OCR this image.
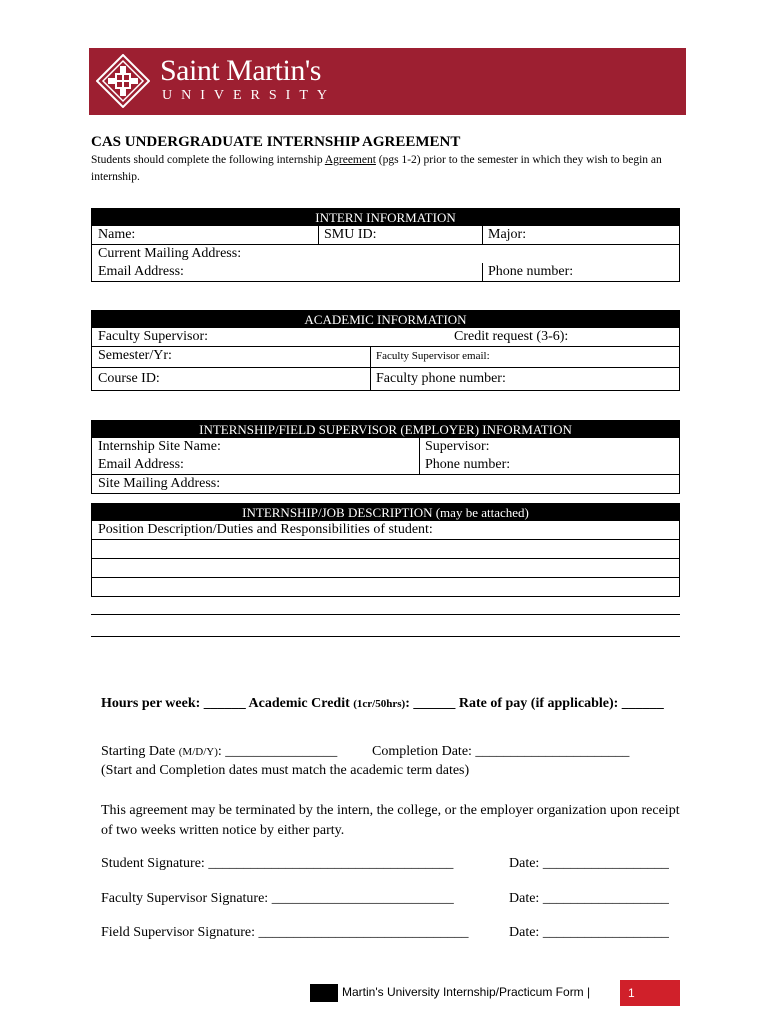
Saint Martin's
UNIVERSITY
CAS UNDERGRADUATE INTERNSHIP AGREEMENT
Students should complete the following internship Agreement (pgs 1-2) prior to the semester in which they wish to begin an internship.
INTERN INFORMATION
Name:	SMU ID:	Major:
Current Mailing Address:
Email Address:	Phone number:
ACADEMIC INFORMATION
Faculty Supervisor:	Credit request (3-6):
Semester/Yr:	Faculty Supervisor email:
Course ID:	Faculty phone number:
INTERNSHIP/FIELD SUPERVISOR (EMPLOYER) INFORMATION
Internship Site Name:	Supervisor:
Email Address:	Phone number:
Site Mailing Address:
INTERNSHIP/JOB DESCRIPTION (may be attached)
Position Description/Duties and Responsibilities of student:
Hours per week: ______ Academic Credit (1cr/50hrs): ______ Rate of pay (if applicable): ______
Starting Date (M/D/Y): ________________ Completion Date: ______________________
(Start and Completion dates must match the academic term dates)
This agreement may be terminated by the intern, the college, or the employer organization upon receipt of two weeks written notice by either party.
Student Signature: ___________________________________	Date: __________________
Faculty Supervisor Signature: __________________________	Date: __________________
Field Supervisor Signature: ______________________________	Date: __________________
Martin's University Internship/Practicum Form |	1
